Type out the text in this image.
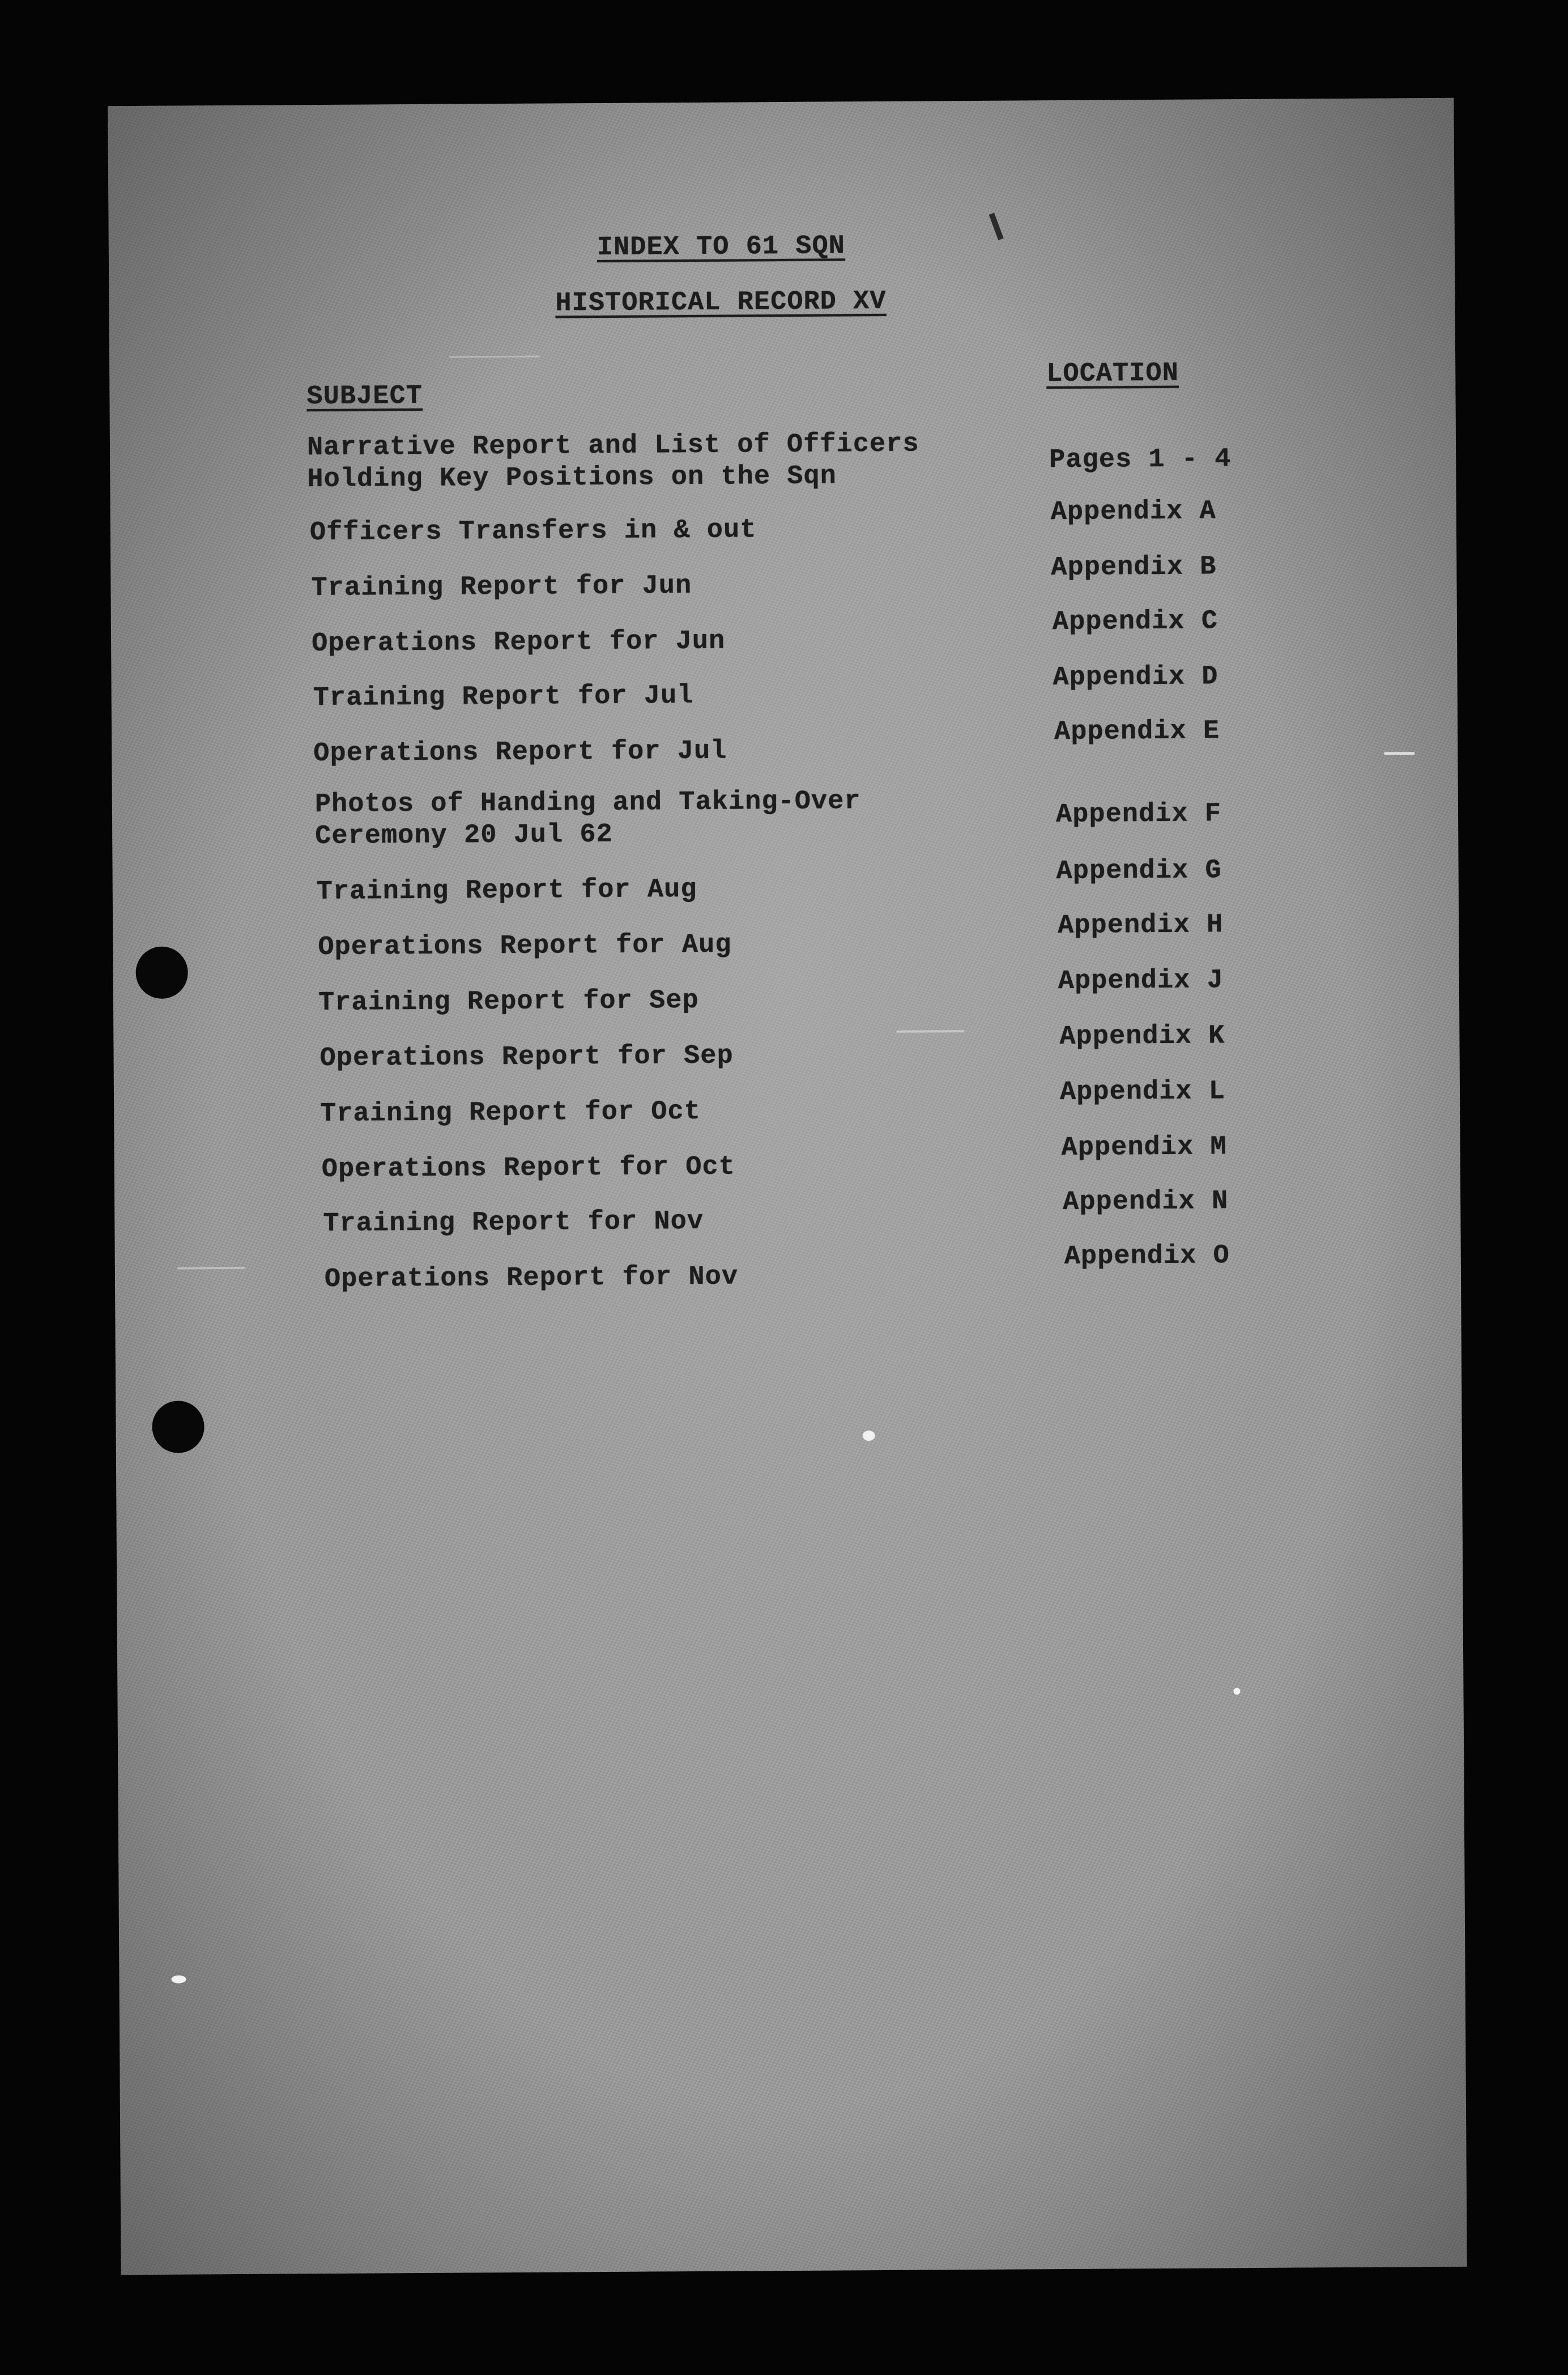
INDEX TO 61 SQN
HISTORICAL RECORD XV
SUBJECT
LOCATION
Narrative Report and List of Officers
Holding Key Positions on the Sqn
Pages 1 - 4
Officers Transfers in & out
Appendix A
Training Report for Jun
Appendix B
Operations Report for Jun
Appendix C
Training Report for Jul
Appendix D
Operations Report for Jul
Appendix E
Photos of Handing and Taking-Over
Ceremony 20 Jul 62
Appendix F
Training Report for Aug
Appendix G
Operations Report for Aug
Appendix H
Training Report for Sep
Appendix J
Operations Report for Sep
Appendix K
Training Report for Oct
Appendix L
Operations Report for Oct
Appendix M
Training Report for Nov
Appendix N
Operations Report for Nov
Appendix O
